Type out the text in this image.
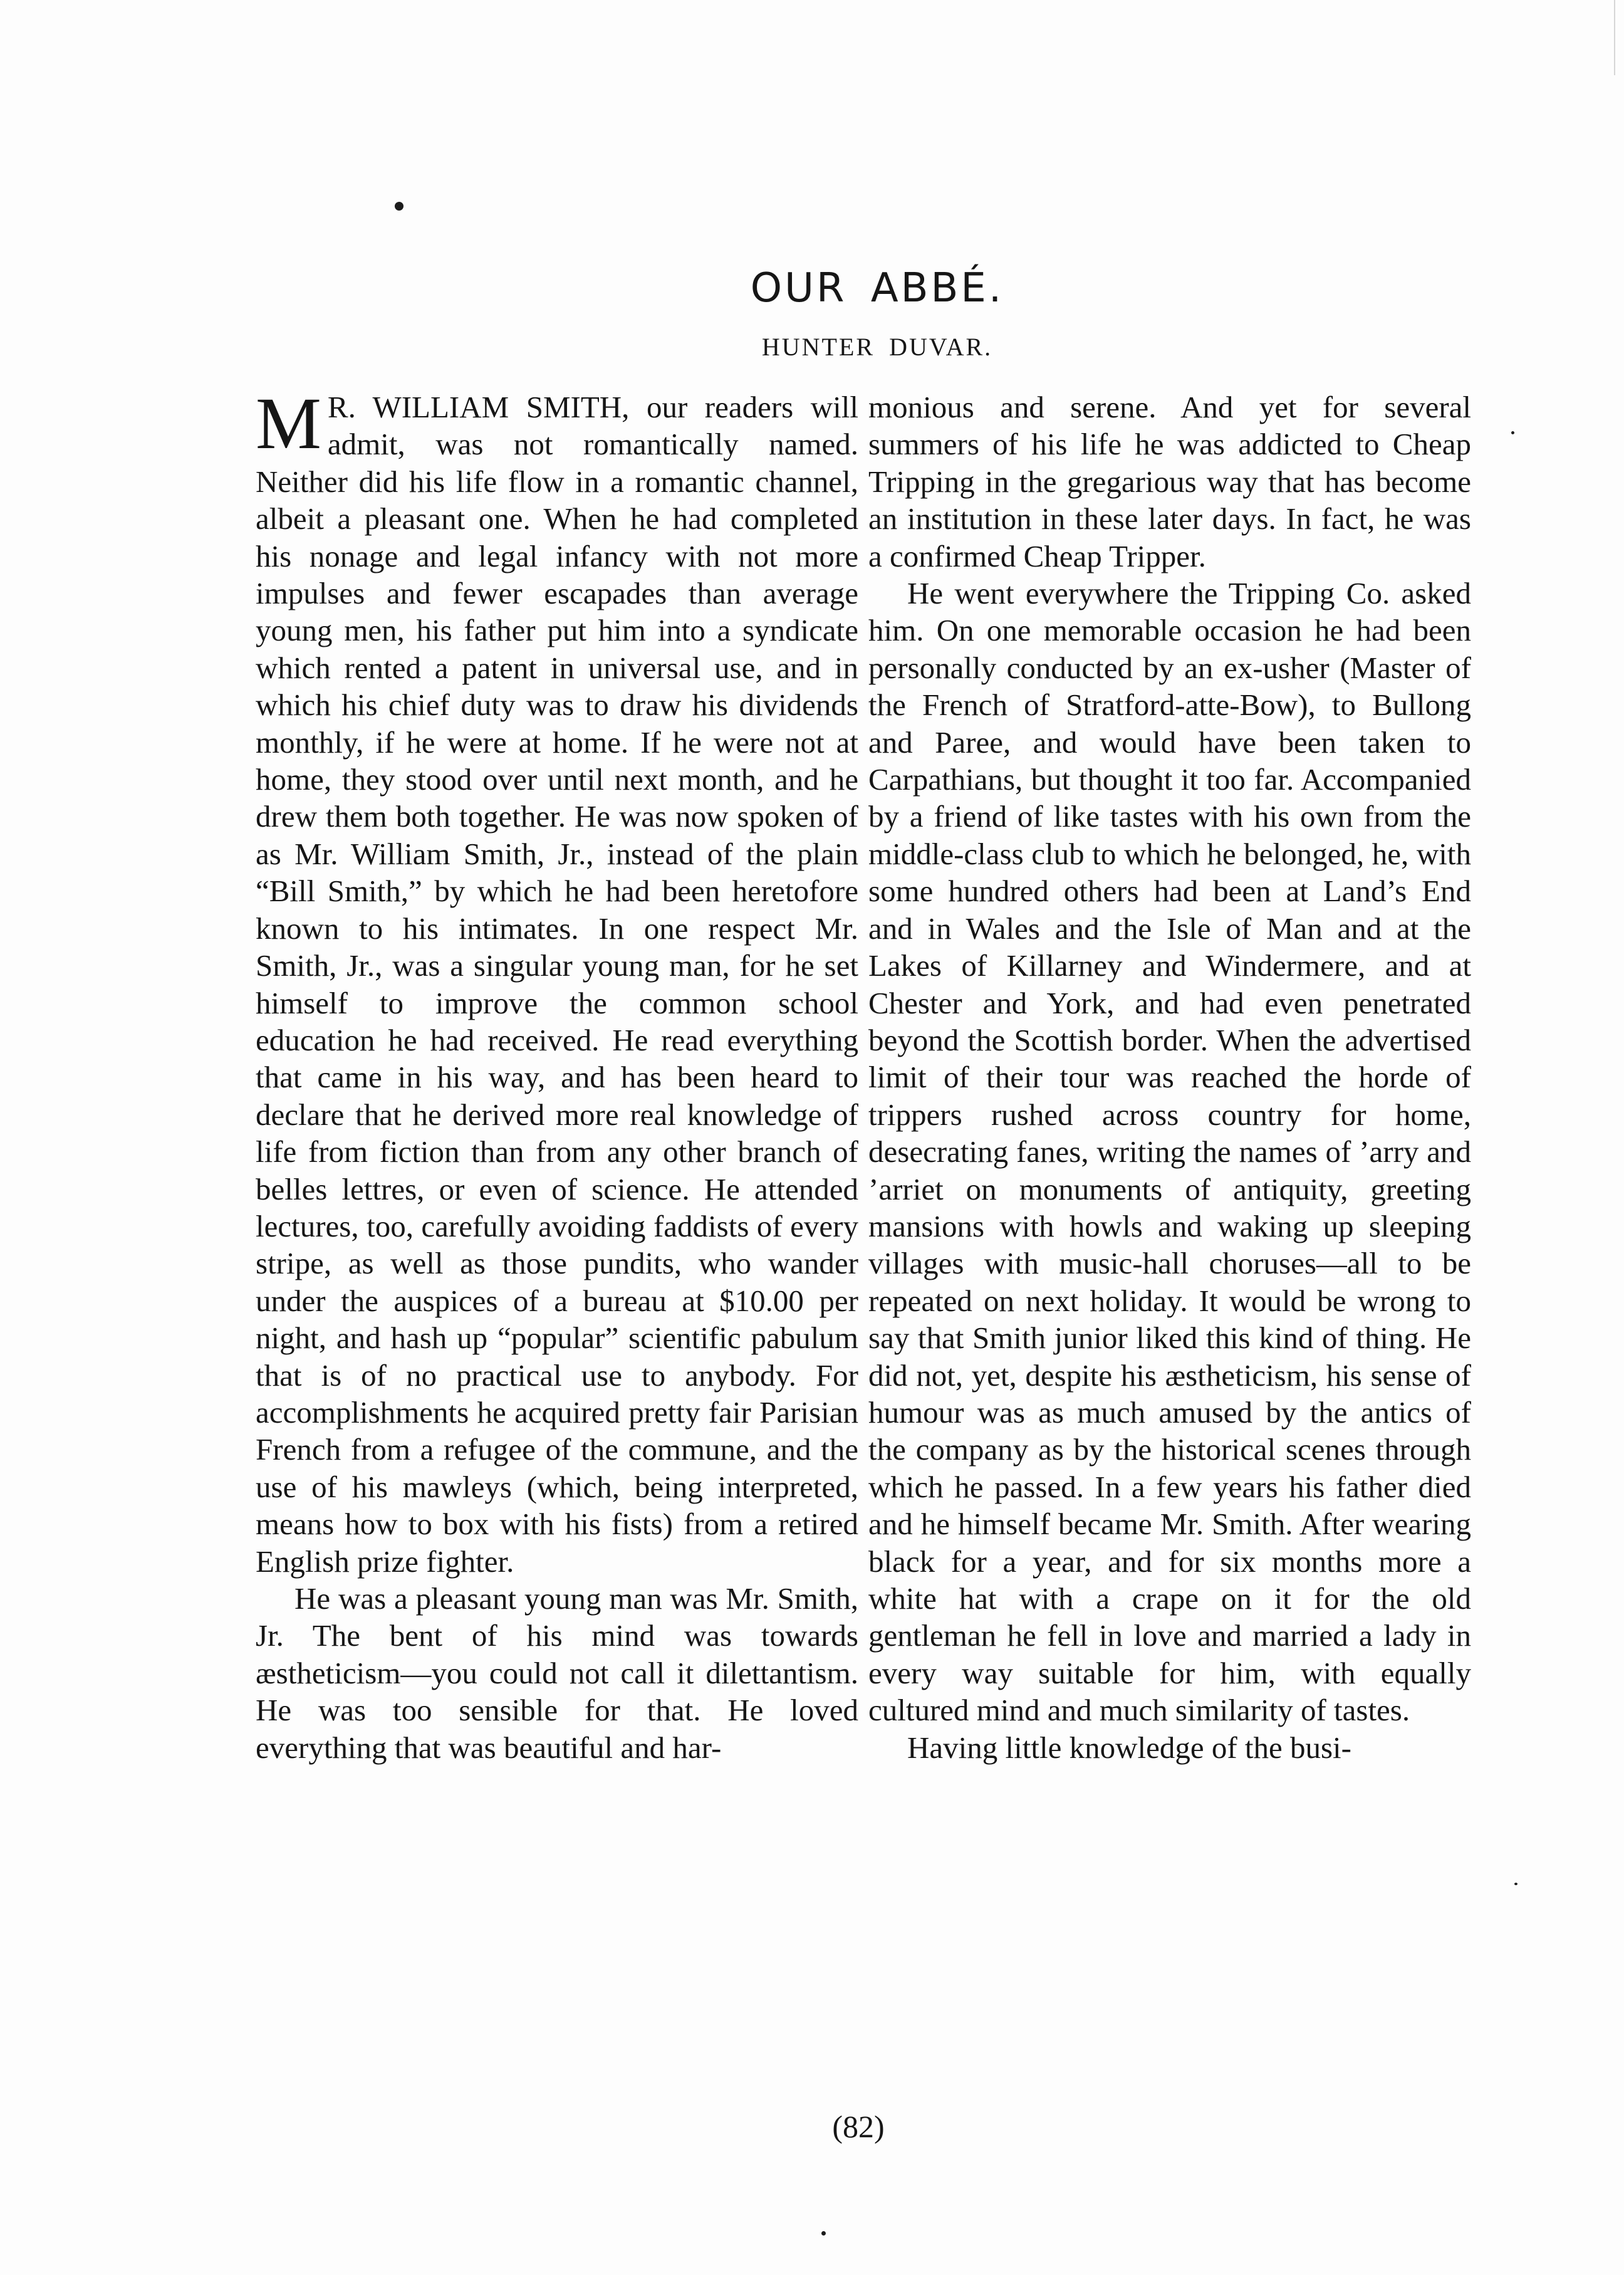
OUR ABBÉ.
HUNTER DUVAR.

M R. WILLIAM SMITH, our readers will admit, was not romantically named. Neither did his life flow in a romantic channel, albeit a pleasant one. When he had completed his nonage and legal infancy with not more impulses and fewer escapades than average young men, his father put him into a syndicate which rented a patent in universal use, and in which his chief duty was to draw his dividends monthly, if he were at home. If he were not at home, they stood over until next month, and he drew them both together. He was now spoken of as Mr. William Smith, Jr., instead of the plain “Bill Smith,” by which he had been heretofore known to his intimates. In one respect Mr. Smith, Jr., was a singular young man, for he set himself to improve the common school education he had received. He read everything that came in his way, and has been heard to declare that he derived more real knowledge of life from fiction than from any other branch of belles lettres, or even of science. He attended lectures, too, carefully avoiding faddists of every stripe, as well as those pundits, who wander under the auspices of a bureau at $10.00 per night, and hash up “popular” scientific pabulum that is of no practical use to anybody. For accomplishments he acquired pretty fair Parisian French from a refugee of the commune, and the use of his mawleys (which, being interpreted, means how to box with his fists) from a retired English prize fighter.

He was a pleasant young man was Mr. Smith, Jr. The bent of his mind was towards æstheticism—you could not call it dilettantism. He was too sensible for that. He loved everything that was beautiful and har-

monious and serene. And yet for several summers of his life he was addicted to Cheap Tripping in the gregarious way that has become an institution in these later days. In fact, he was a confirmed Cheap Tripper.

He went everywhere the Tripping Co. asked him. On one memorable occasion he had been personally conducted by an ex-usher (Master of the French of Stratford-atte-Bow), to Bullong and Paree, and would have been taken to Carpathians, but thought it too far. Accompanied by a friend of like tastes with his own from the middle-class club to which he belonged, he, with some hundred others had been at Land’s End and in Wales and the Isle of Man and at the Lakes of Killarney and Windermere, and at Chester and York, and had even penetrated beyond the Scottish border. When the advertised limit of their tour was reached the horde of trippers rushed across country for home, desecrating fanes, writing the names of ’arry and ’arriet on monuments of antiquity, greeting mansions with howls and waking up sleeping villages with music-hall choruses—all to be repeated on next holiday. It would be wrong to say that Smith junior liked this kind of thing. He did not, yet, despite his æstheticism, his sense of humour was as much amused by the antics of the company as by the historical scenes through which he passed. In a few years his father died and he himself became Mr. Smith. After wearing black for a year, and for six months more a white hat with a crape on it for the old gentleman he fell in love and married a lady in every way suitable for him, with equally cultured mind and much similarity of tastes.

Having little knowledge of the busi-

(82)
